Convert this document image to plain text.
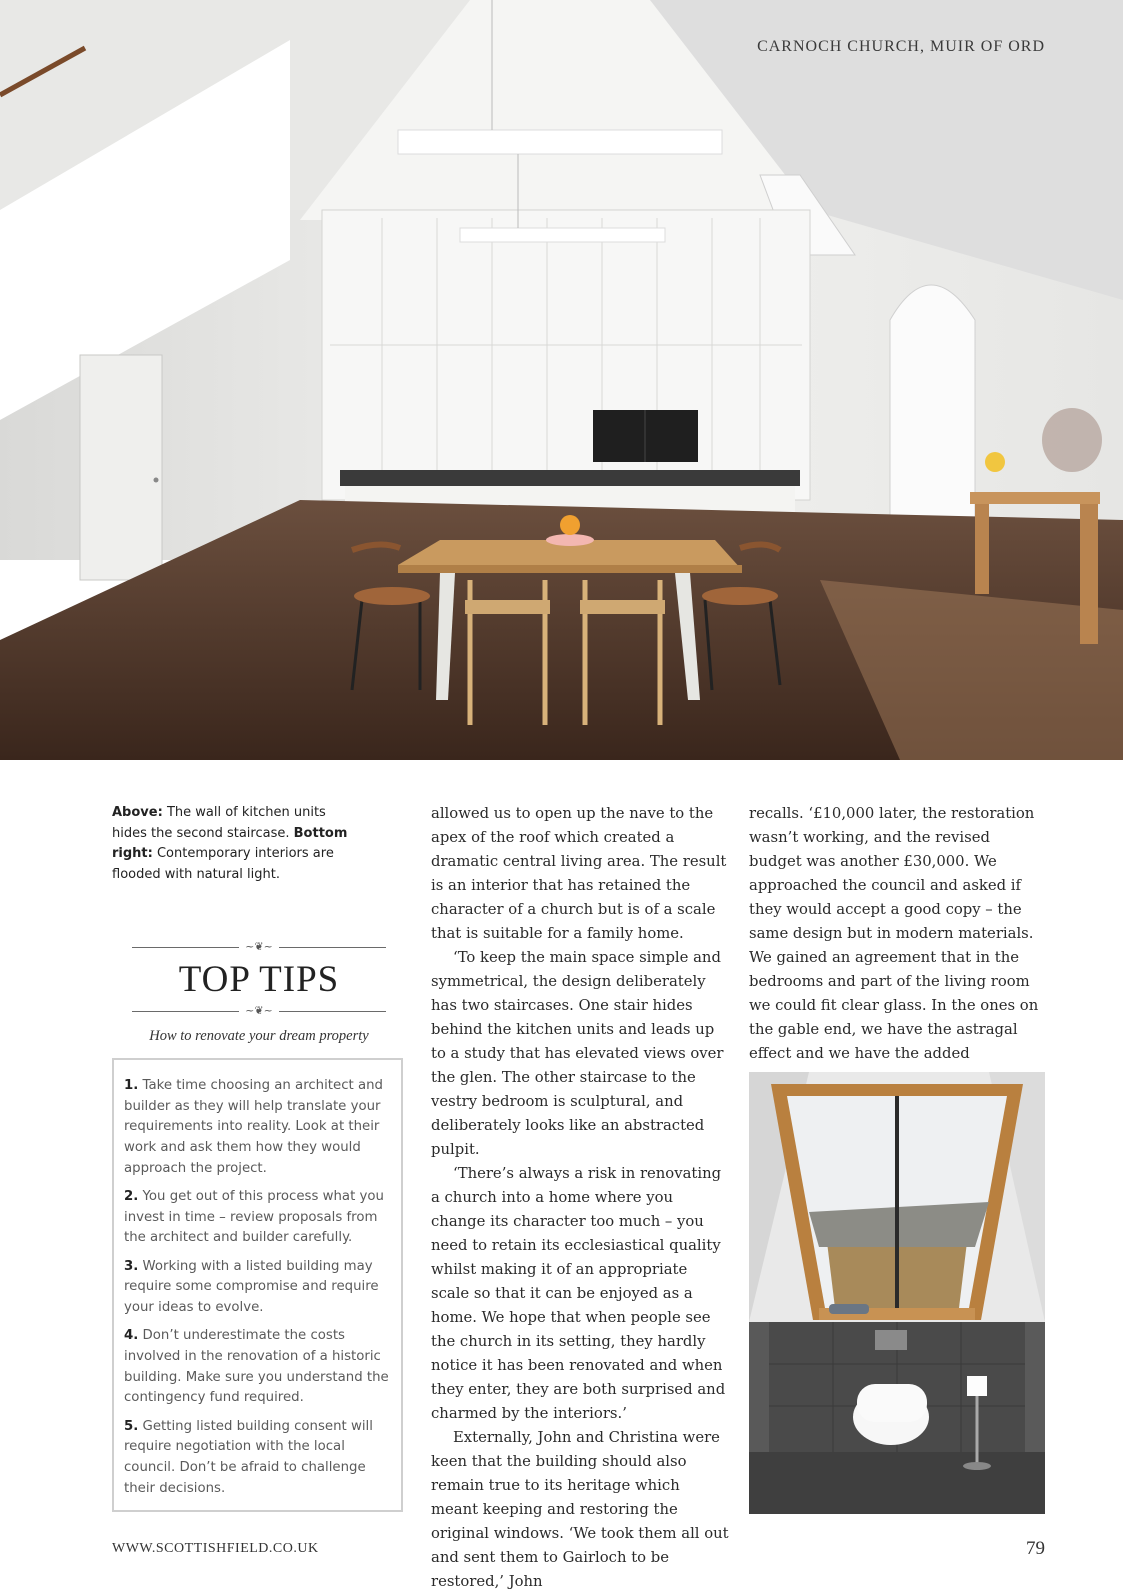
CARNOCH CHURCH, MUIR OF ORD
Above: The wall of kitchen units hides the second staircase. Bottom right: Contemporary interiors are flooded with natural light.
~❦~
TOP TIPS
~❦~
How to renovate your dream property
1. Take time choosing an architect and builder as they will help translate your requirements into reality. Look at their work and ask them how they would approach the project.
2. You get out of this process what you invest in time – review proposals from the architect and builder carefully.
3. Working with a listed building may require some compromise and require your ideas to evolve.
4. Don’t underestimate the costs involved in the renovation of a historic building. Make sure you understand the contingency fund required.
5. Getting listed building consent will require negotiation with the local council. Don’t be afraid to challenge their decisions.

allowed us to open up the nave to the apex of the roof which created a dramatic central living area. The result is an interior that has retained the character of a church but is of a scale that is suitable for a family home.

‘To keep the main space simple and symmetrical, the design deliberately has two staircases. One stair hides behind the kitchen units and leads up to a study that has elevated views over the glen. The other staircase to the vestry bedroom is sculptural, and deliberately looks like an abstracted pulpit.

‘There’s always a risk in renovating a church into a home where you change its character too much – you need to retain its ecclesiastical quality whilst making it of an appropriate scale so that it can be enjoyed as a home. We hope that when people see the church in its setting, they hardly notice it has been renovated and when they enter, they are both surprised and charmed by the interiors.’

Externally, John and Christina were keen that the building should also remain true to its heritage which meant keeping and restoring the original windows. ‘We took them all out and sent them to Gairloch to be restored,’ John

recalls. ‘£10,000 later, the restoration wasn’t working, and the revised budget was another £30,000. We approached the council and asked if they would accept a good copy – the same design but in modern materials. We gained an agreement that in the bedrooms and part of the living room we could fit clear glass. In the ones on the gable end, we have the astragal effect and we have the added

WWW.SCOTTISHFIELD.CO.UK	79
